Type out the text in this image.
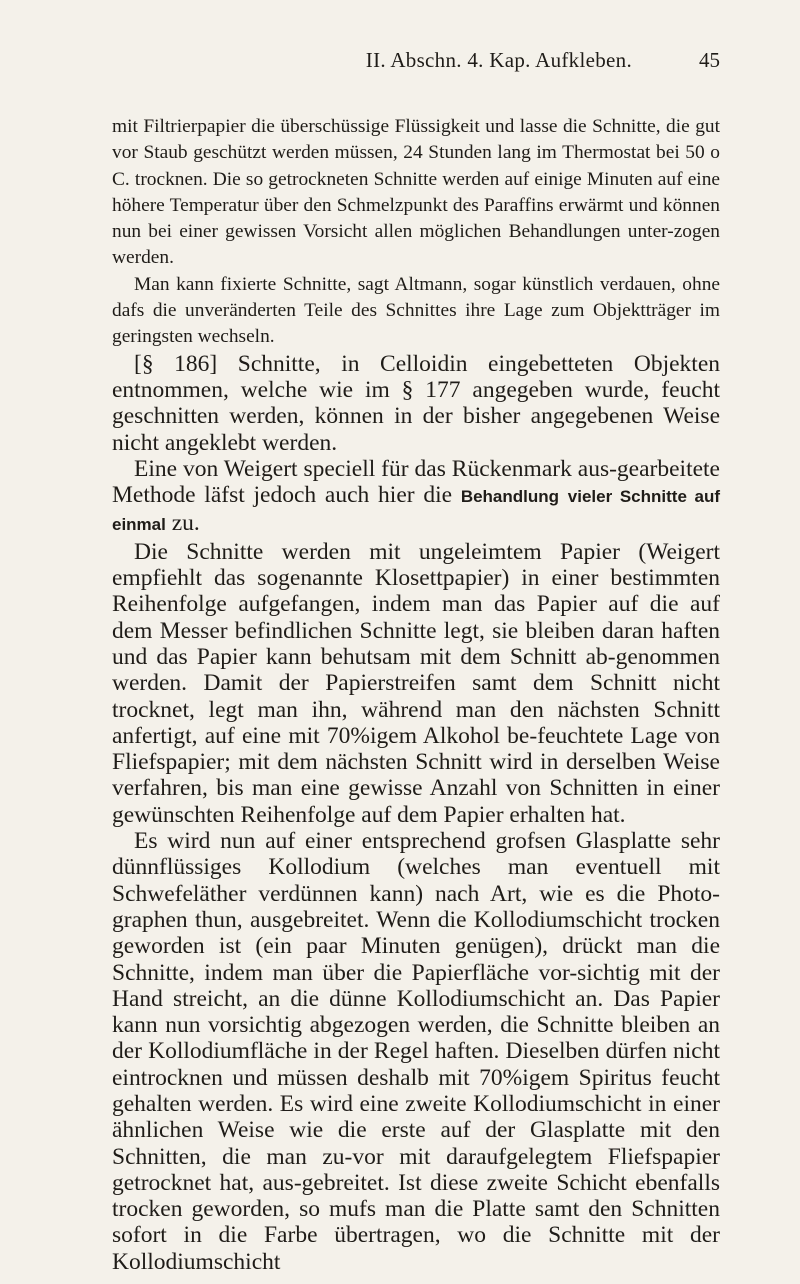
II. Abschn. 4. Kap. Aufkleben.	45

mit Filtrierpapier die überschüssige Flüssigkeit und lasse die Schnitte, die gut vor Staub geschützt werden müssen, 24 Stunden lang im Thermostat bei 50 o C. trocknen. Die so getrockneten Schnitte werden auf einige Minuten auf eine höhere Temperatur über den Schmelzpunkt des Paraffins erwärmt und können nun bei einer gewissen Vorsicht allen möglichen Behandlungen unter-zogen werden.

Man kann fixierte Schnitte, sagt Altmann, sogar künstlich verdauen, ohne dafs die unveränderten Teile des Schnittes ihre Lage zum Objektträger im geringsten wechseln.

[§ 186] Schnitte, in Celloidin eingebetteten Objekten entnommen, welche wie im § 177 angegeben wurde, feucht geschnitten werden, können in der bisher angegebenen Weise nicht angeklebt werden.

Eine von Weigert speciell für das Rückenmark aus-gearbeitete Methode läfst jedoch auch hier die Behandlung vieler Schnitte auf einmal zu.

Die Schnitte werden mit ungeleimtem Papier (Weigert empfiehlt das sogenannte Klosettpapier) in einer bestimmten Reihenfolge aufgefangen, indem man das Papier auf die auf dem Messer befindlichen Schnitte legt, sie bleiben daran haften und das Papier kann behutsam mit dem Schnitt ab-genommen werden. Damit der Papierstreifen samt dem Schnitt nicht trocknet, legt man ihn, während man den nächsten Schnitt anfertigt, auf eine mit 70%igem Alkohol be-feuchtete Lage von Fliefspapier; mit dem nächsten Schnitt wird in derselben Weise verfahren, bis man eine gewisse Anzahl von Schnitten in einer gewünschten Reihenfolge auf dem Papier erhalten hat.

Es wird nun auf einer entsprechend grofsen Glasplatte sehr dünnflüssiges Kollodium (welches man eventuell mit Schwefeläther verdünnen kann) nach Art, wie es die Photo-graphen thun, ausgebreitet. Wenn die Kollodiumschicht trocken geworden ist (ein paar Minuten genügen), drückt man die Schnitte, indem man über die Papierfläche vor-sichtig mit der Hand streicht, an die dünne Kollodiumschicht an. Das Papier kann nun vorsichtig abgezogen werden, die Schnitte bleiben an der Kollodiumfläche in der Regel haften. Dieselben dürfen nicht eintrocknen und müssen deshalb mit 70%igem Spiritus feucht gehalten werden. Es wird eine zweite Kollodiumschicht in einer ähnlichen Weise wie die erste auf der Glasplatte mit den Schnitten, die man zu-vor mit daraufgelegtem Fliefspapier getrocknet hat, aus-gebreitet. Ist diese zweite Schicht ebenfalls trocken geworden, so mufs man die Platte samt den Schnitten sofort in die Farbe übertragen, wo die Schnitte mit der Kollodiumschicht
